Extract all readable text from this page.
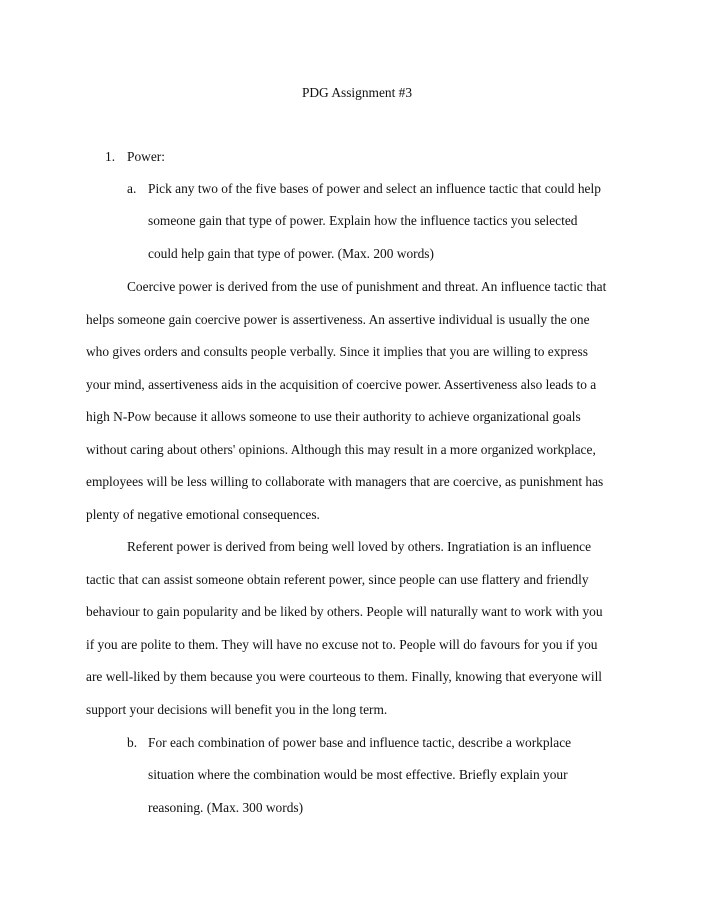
PDG Assignment #3
1. Power:
a. Pick any two of the five bases of power and select an influence tactic that could help
someone gain that type of power. Explain how the influence tactics you selected
could help gain that type of power. (Max. 200 words)
Coercive power is derived from the use of punishment and threat. An influence tactic that
helps someone gain coercive power is assertiveness. An assertive individual is usually the one
who gives orders and consults people verbally. Since it implies that you are willing to express
your mind, assertiveness aids in the acquisition of coercive power. Assertiveness also leads to a
high N-Pow because it allows someone to use their authority to achieve organizational goals
without caring about others' opinions. Although this may result in a more organized workplace,
employees will be less willing to collaborate with managers that are coercive, as punishment has
plenty of negative emotional consequences.
Referent power is derived from being well loved by others. Ingratiation is an influence
tactic that can assist someone obtain referent power, since people can use flattery and friendly
behaviour to gain popularity and be liked by others. People will naturally want to work with you
if you are polite to them. They will have no excuse not to. People will do favours for you if you
are well-liked by them because you were courteous to them. Finally, knowing that everyone will
support your decisions will benefit you in the long term.
b. For each combination of power base and influence tactic, describe a workplace
situation where the combination would be most effective. Briefly explain your
reasoning. (Max. 300 words)
